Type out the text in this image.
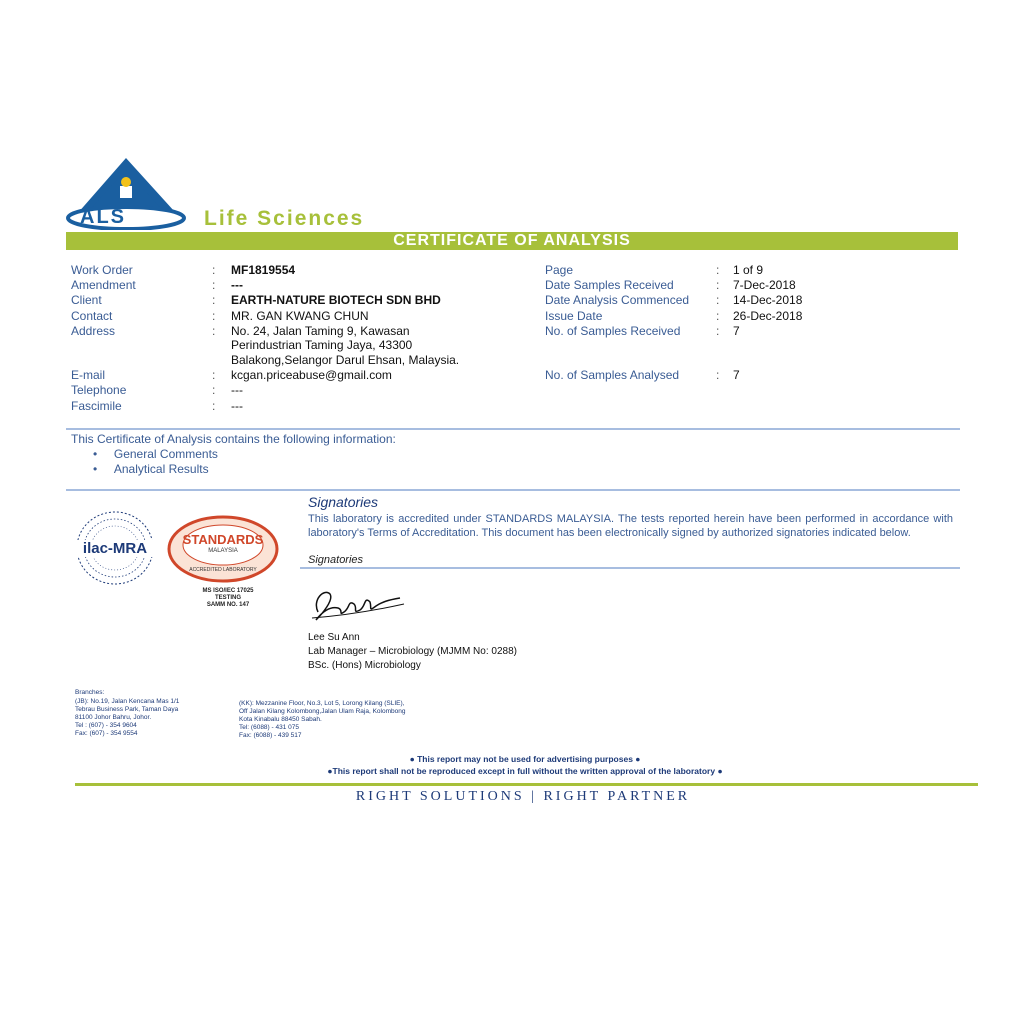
ALS	Life Sciences
CERTIFICATE OF ANALYSIS
Work Order
Amendment
Client
Contact
Address
E-mail
Telephone
Fascimile
:
:
:
:
:
:
:
:
MF1819554
---
EARTH-NATURE BIOTECH SDN BHD
MR. GAN KWANG CHUN
No. 24, Jalan Taming 9, Kawasan
Perindustrian Taming Jaya, 43300
Balakong,Selangor Darul Ehsan, Malaysia.
kcgan.priceabuse@gmail.com
---
---
Page
Date Samples Received
Date Analysis Commenced
Issue Date
No. of Samples Received
No. of Samples Analysed
:
:
:
:
:
:
1 of 9
7-Dec-2018
14-Dec-2018
26-Dec-2018
7
7
This Certificate of Analysis contains the following information:
•     General Comments
•     Analytical Results
ilac-MRA
STANDARDS
MALAYSIA
ACCREDITED LABORATORY
MS ISO/IEC 17025
TESTING
SAMM NO. 147
Signatories
This laboratory is accredited under STANDARDS MALAYSIA. The tests reported herein have been performed in accordance with laboratory's Terms of Accreditation. This document has been electronically signed by authorized signatories indicated below.
Signatories
Lee Su Ann
Lab Manager – Microbiology (MJMM No: 0288)
BSc. (Hons) Microbiology
Branches:
(JB): No.19, Jalan Kencana Mas 1/1
Tebrau Business Park, Taman Daya
81100 Johor Bahru, Johor.
Tel : (607) - 354 9604
Fax: (607) - 354 9554
(KK): Mezzanine Floor, No.3, Lot 5, Lorong Kilang (SLIE),
Off Jalan Kilang Kolombong,Jalan Ulam Raja, Kolombong
Kota Kinabalu 88450 Sabah.
Tel: (6088) - 431 075
Fax: (6088) - 439 517
● This report may not be used for advertising purposes ●
●This report shall not be reproduced except in full without the written approval of the laboratory ●
RIGHT SOLUTIONS | RIGHT PARTNER
